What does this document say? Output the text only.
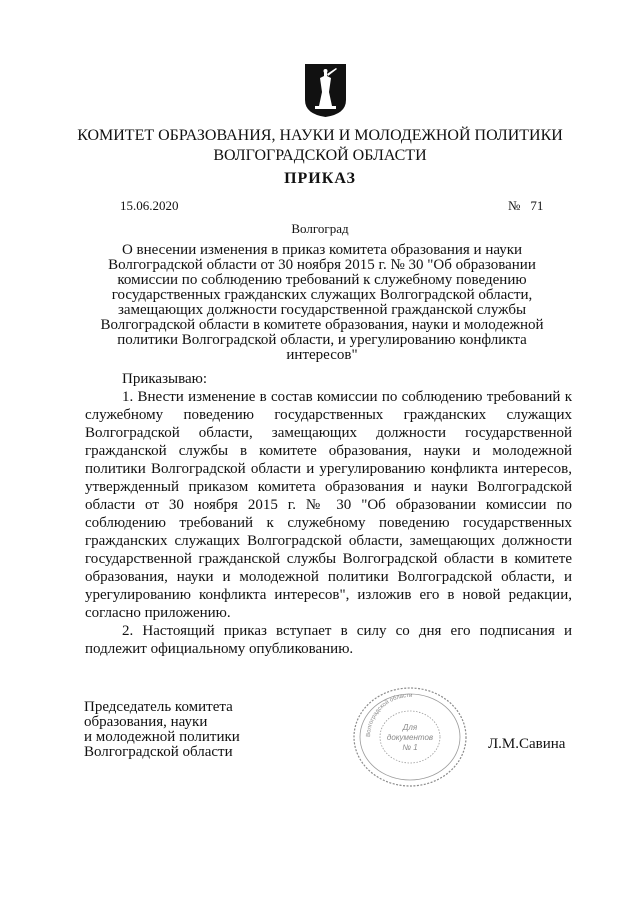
КОМИТЕТ ОБРАЗОВАНИЯ, НАУКИ И МОЛОДЕЖНОЙ ПОЛИТИКИ
ВОЛГОГРАДСКОЙ ОБЛАСТИ
ПРИКАЗ
15.06.2020	№ 71
Волгоград
О внесении изменения в приказ комитета образования и науки
Волгоградской области от 30 ноября 2015 г. № 30 "Об образовании
комиссии по соблюдению требований к служебному поведению
государственных гражданских служащих Волгоградской области,
замещающих должности государственной гражданской службы
Волгоградской области в комитете образования, науки и молодежной
политики Волгоградской области, и урегулированию конфликта
интересов"

Приказываю:

1. Внести изменение в состав комиссии по соблюдению требований к служебному поведению государственных гражданских служащих Волгоградской области, замещающих должности государственной гражданской службы в комитете образования, науки и молодежной политики Волгоградской области и урегулированию конфликта интересов, утвержденный приказом комитета образования и науки Волгоградской области от 30 ноября 2015 г. № 30 "Об образовании комиссии по соблюдению требований к служебному поведению государственных гражданских служащих Волгоградской области, замещающих должности государственной гражданской службы Волгоградской области в комитете образования, науки и молодежной политики Волгоградской области, и урегулированию конфликта интересов", изложив его в новой редакции, согласно приложению.

2. Настоящий приказ вступает в силу со дня его подписания и подлежит официальному опубликованию.

Председатель комитета
образования, науки
и молодежной политики
Волгоградской области
Волгоградской области
Для
документов
№ 1	Л.М.Савина
